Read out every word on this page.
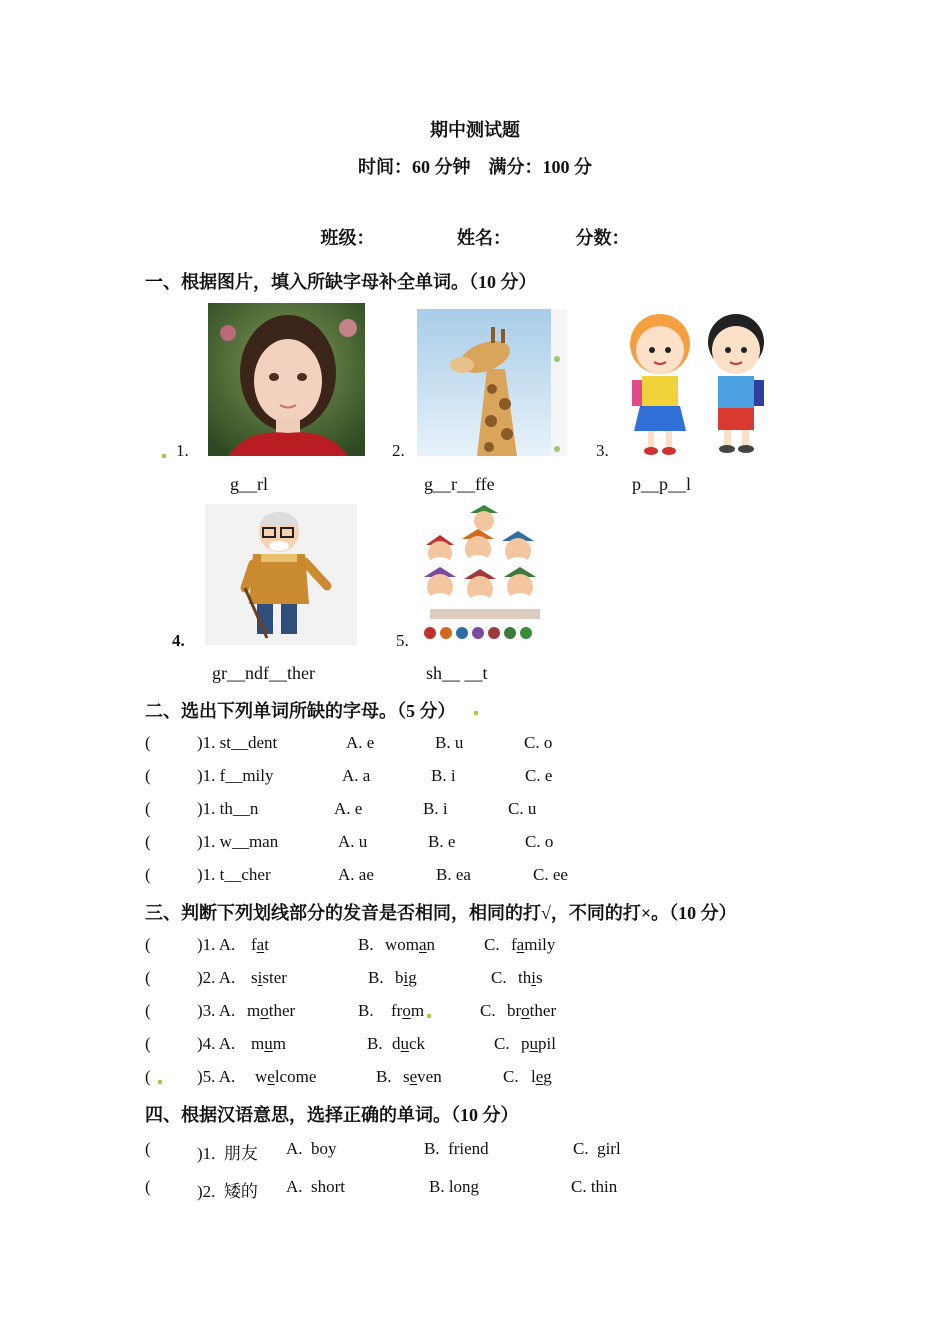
期中测试题
时间：60 分钟    满分：100 分
班级：	姓名：	分数：
一、根据图片，填入所缺字母补全单词。（10 分）
1.
g__rl
2.
g__r__ffe
3.
p__p__l
4.
gr__ndf__ther
5.
sh__ __t
二、选出下列单词所缺的字母。（5 分）
(	)1. st__dent	A. e	B. u	C. o
(	)1. f__mily	A. a	B. i	C. e
(	)1. th__n	A. e	B. i	C. u
(	)1. w__man	A. u	B. e	C. o
(	)1. t__cher	A. ae	B. ea	C. ee
三、判断下列划线部分的发音是否相同，相同的打√，不同的打×。（10 分）
(	)1. A. fat	B. woman	C. family
(	)2. A. sister	B. big	C. this
(	)3. A. mother	B. from	C. brother
(	)4. A. mum	B. duck	C. pupil
(	)5. A. welcome	B. seven	C. leg
四、根据汉语意思，选择正确的单词。（10 分）
(	)1.  朋友 A.  boy	B.  friend	C.  girl
(	)2.  矮的 A.  short	B. long	C. thin
